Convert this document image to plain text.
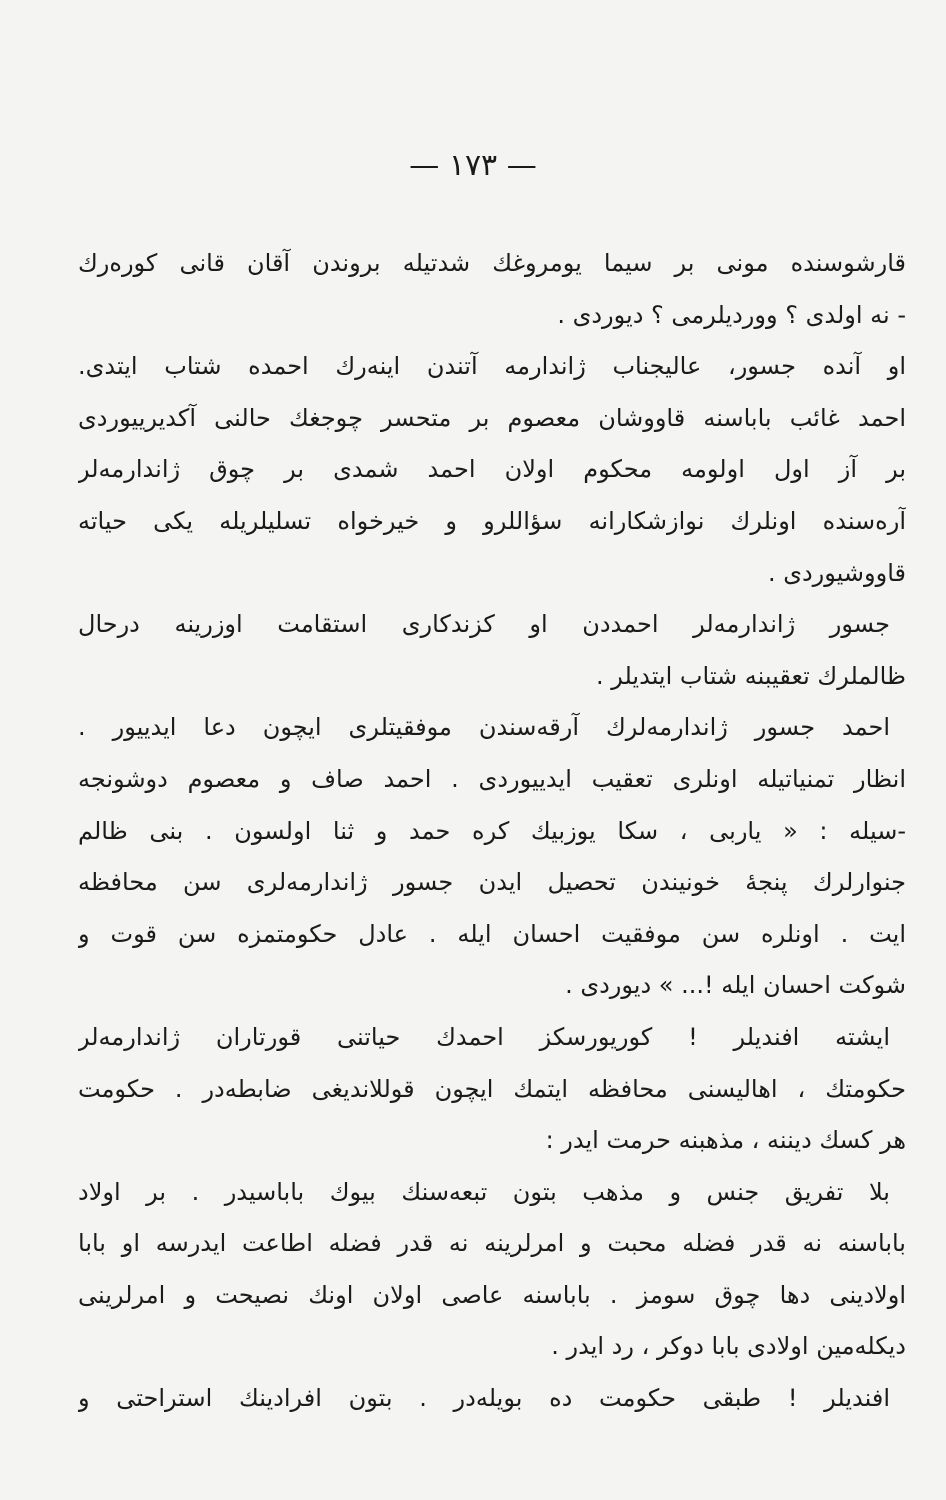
— ۱۷۳ —
قارشوسنده مونی بر سیما یومروغك شدتیله بروندن آقان قانی كوره‌رك
- نه اولدی ؟ ووردیلرمی ؟ دیوردی .
او آنده جسور، عالیجناب ژاندارمه آتندن اینه‌رك احمده شتاب ایتدی.
احمد غائب باباسنه قاووشان معصوم بر متحسر چوجغك حالنی آكدیرییوردی
بر آز اول اولومه محكوم اولان احمد شمدی بر چوق ژاندارمه‌لر
آره‌سنده اونلرك نوازشكارانه سؤاللرو و خیرخواه تسلیلریله یكی حیاته
قاووشیوردی .
جسور ژاندارمه‌لر احمددن او كزندكاری استقامت اوزرینه درحال
ظالملرك تعقیبنه شتاب ایتدیلر .
احمد جسور ژاندارمه‌لرك آرقه‌سندن موفقیتلری ایچون دعا ایدییور .
انظار تمنیاتیله اونلری تعقیب ایدییوردی . احمد صاف و معصوم دوشونجه‌
-سیله : « یاربی ، سكا یوزبیك كره حمد و ثنا اولسون . بنی ظالم
جنوارلرك پنجهٔ خونیندن تحصیل ایدن جسور ژاندارمه‌لری سن محافظه
ایت . اونلره سن موفقیت احسان ایله . عادل حكومتمزه سن قوت و
شوكت احسان ایله !... » دیوردی .
ایشته افندیلر ! كوریورسكز احمدك حیاتنی قورتاران ژاندارمه‌لر
حكومتك ، اهالیسنی محافظه ایتمك ایچون قوللاندیغی ضابطه‌در . حكومت
هر كسك دیننه ، مذهبنه حرمت ایدر :
بلا تفریق جنس و مذهب بتون تبعه‌سنك بیوك باباسیدر . بر اولاد
باباسنه نه قدر فضله محبت و امرلرینه نه قدر فضله اطاعت ایدرسه او بابا
اولادینی دها چوق سومز . باباسنه عاصی اولان اونك نصیحت و امرلرینی
دیكله‌مین اولادی بابا دوكر ، رد ایدر .
افندیلر ! طبقی حكومت ده بویله‌در . بتون افرادینك استراحتی و
